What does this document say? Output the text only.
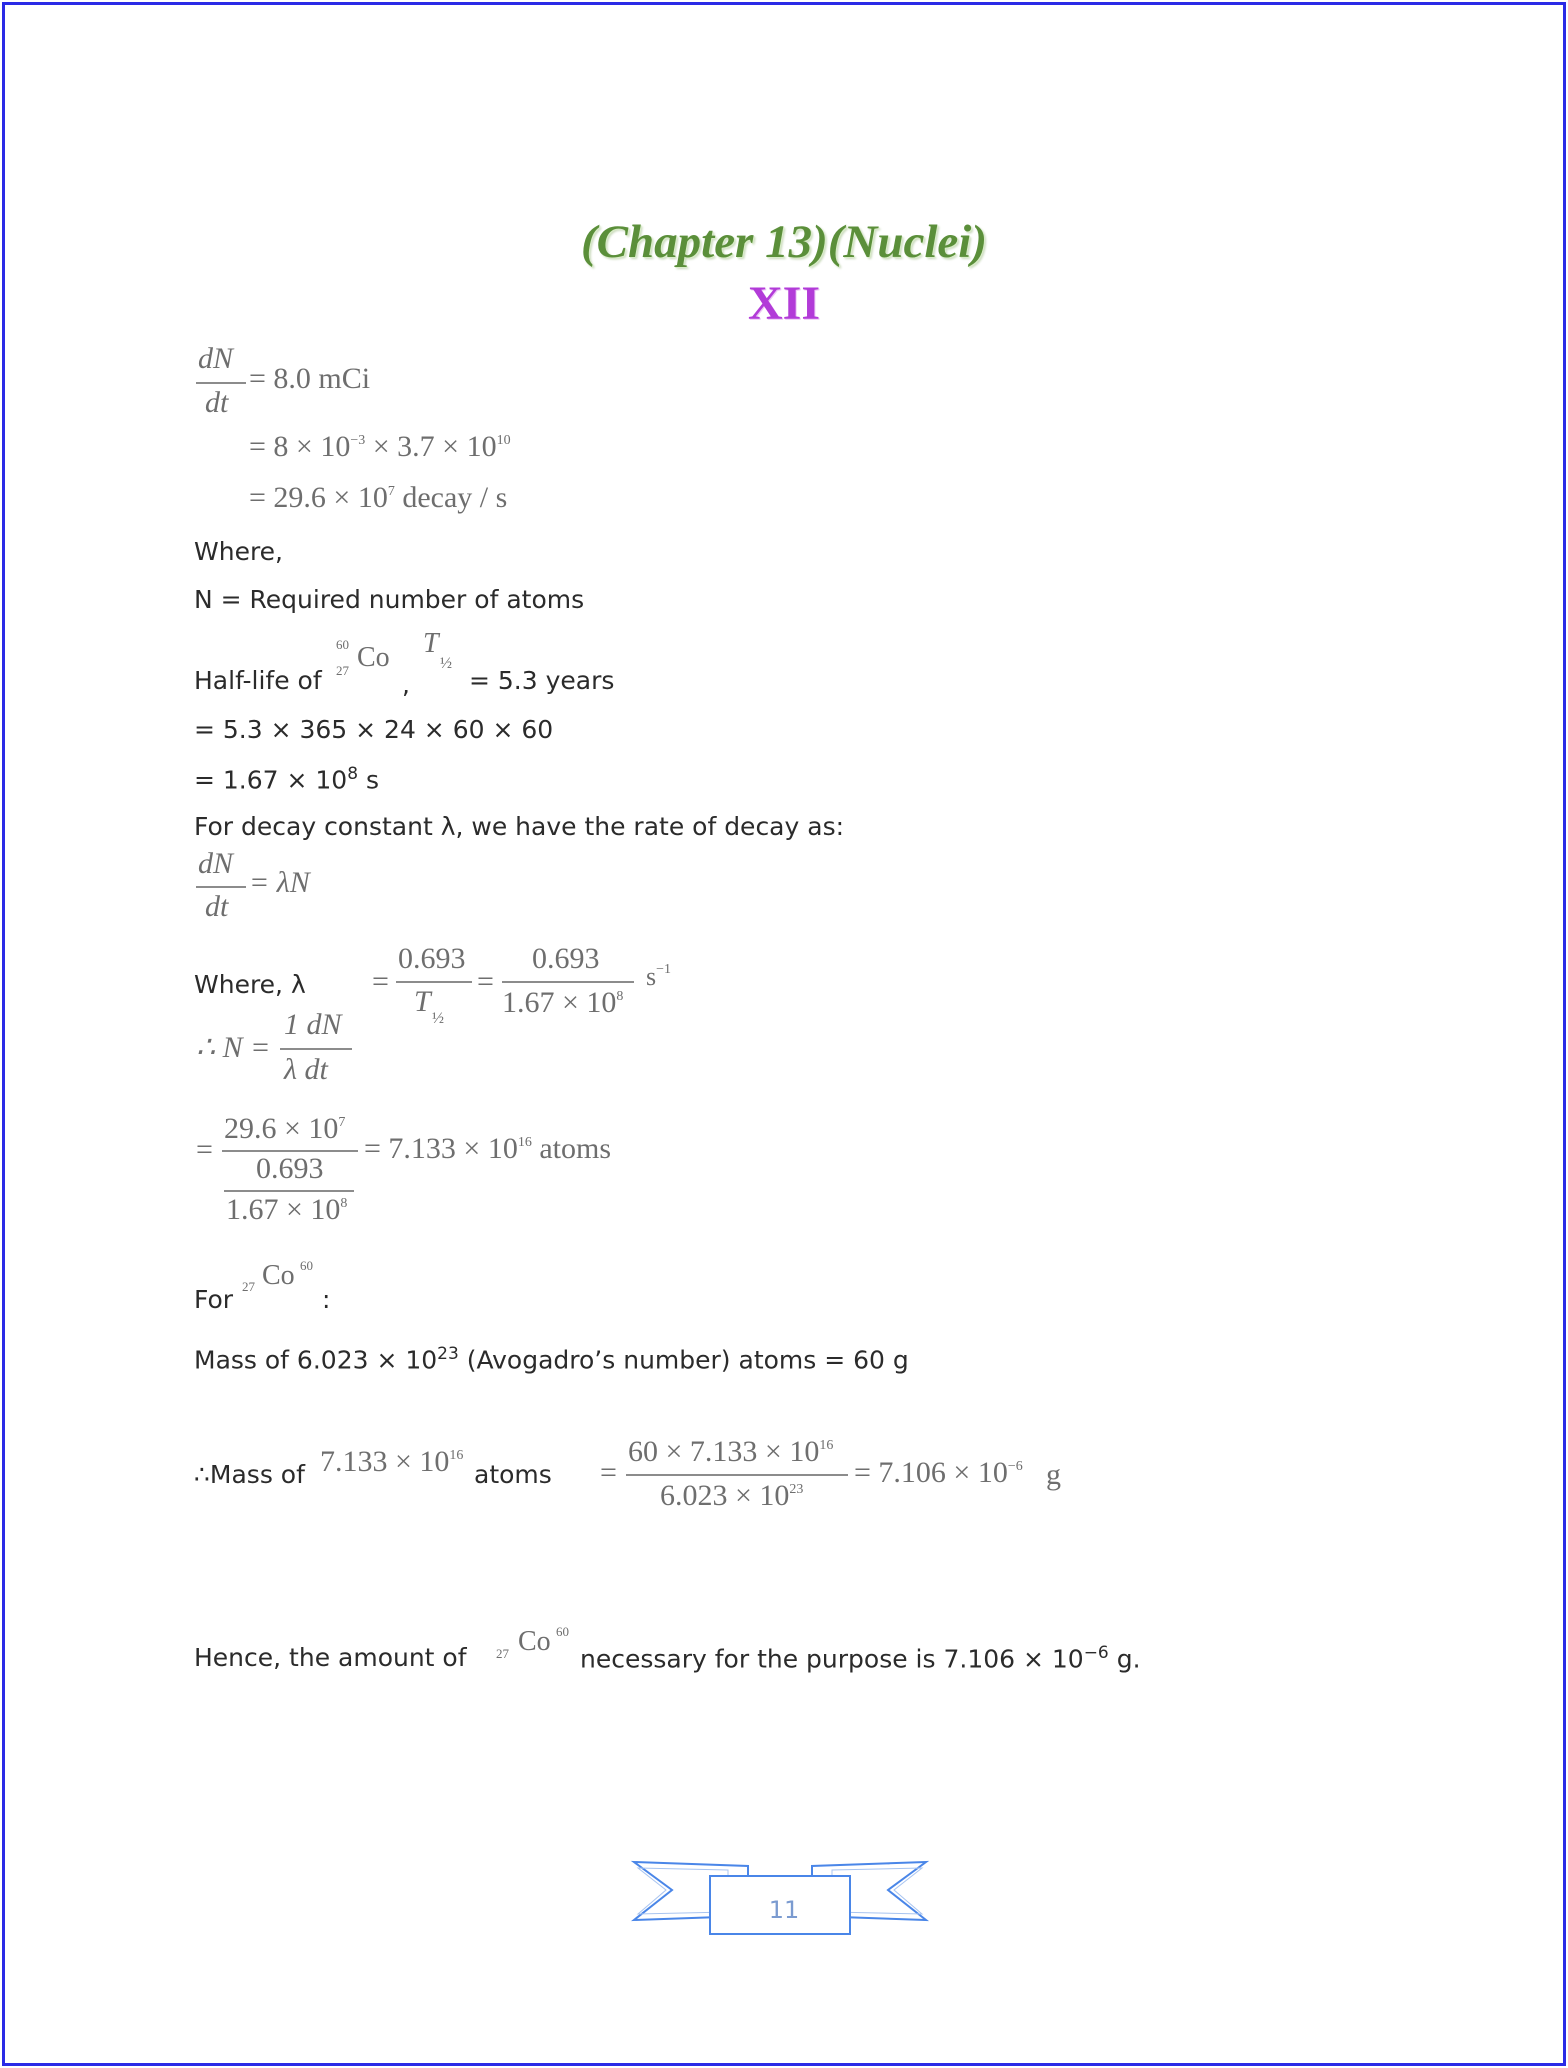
(Chapter 13)(Nuclei)
XII
dN
dt
= 8.0 mCi
= $8 \times 10^{-3} \times 3.7 \times 10^{10}$
= $29.6 \times 10^7$ decay / s
Where,
N = Required number of atoms
Half-life of
60
27 Co
,
T
½
= 5.3 years
= 5.3 × 365 × 24 × 60 × 60
= $1.67 \times 10^8$ s
For decay constant λ, we have the rate of decay as:
dN
dt
= λN
Where, λ =
0.693
T
½
=
0.693
$1.67 \times 10^8$
$s^{-1}$
∴ N =
1 dN
λ dt
=
$29.6 \times 10^7$
0.693
$1.67 \times 10^8$
= $7.133 \times 10^{16}$ atoms
For 27 Co 60
:
Mass of $6.023 \times 10^{23}$ (Avogadro’s number) atoms = 60 g
∴Mass of $7.133 \times 10^{16}$
atoms =
$60 \times 7.133 \times 10^{16}$
$6.023 \times 10^{23}$
= $7.106 \times 10^{-6}$ g
Hence, the amount of 27 Co 60
necessary for the purpose is $7.106 \times 10^{-6}$ g.
11
